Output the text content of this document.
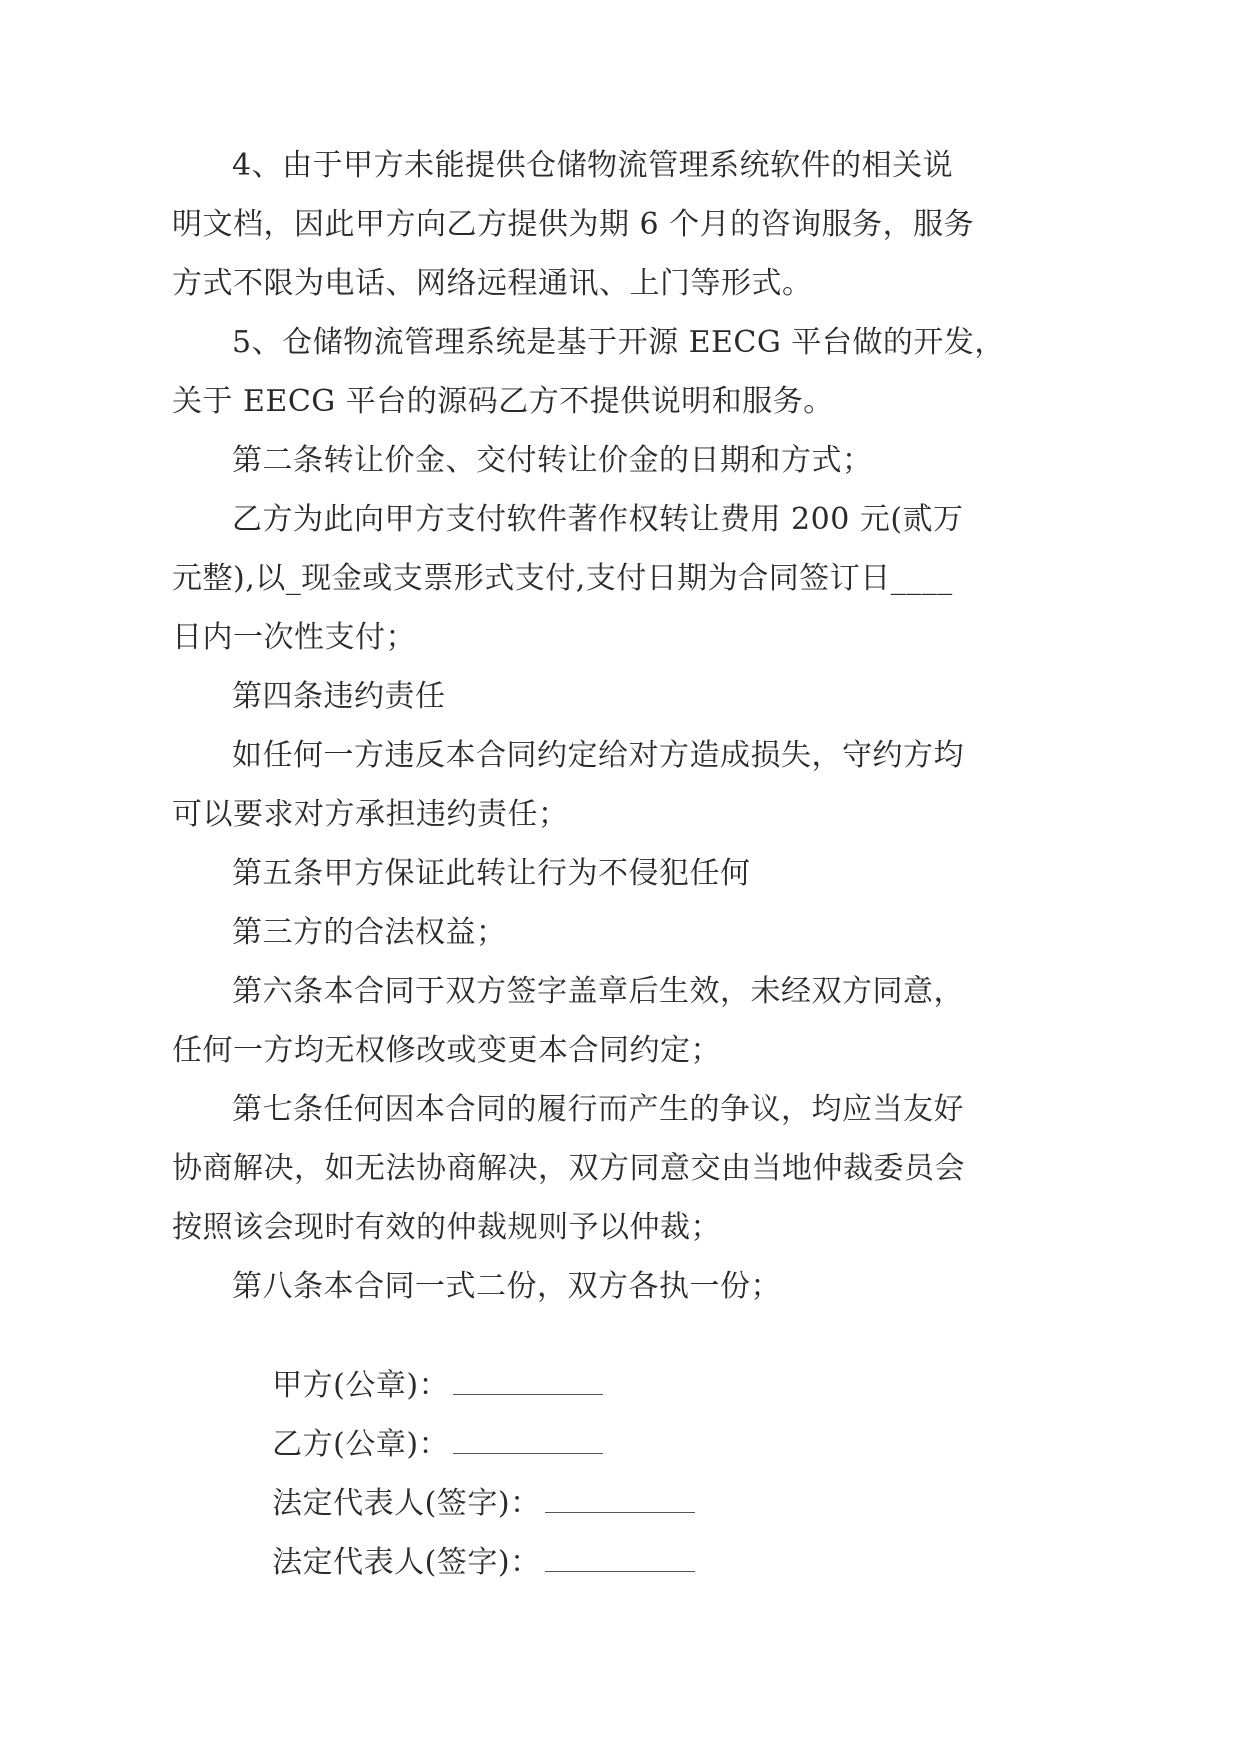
4、由于甲方未能提供仓储物流管理系统软件的相关说
明文档，因此甲方向乙方提供为期 6 个月的咨询服务，服务
方式不限为电话、网络远程通讯、上门等形式。
5、仓储物流管理系统是基于开源 EECG 平台做的开发，
关于 EECG 平台的源码乙方不提供说明和服务。
第二条转让价金、交付转让价金的日期和方式；
乙方为此向甲方支付软件著作权转让费用 200 元(贰万
元整),以_现金或支票形式支付,支付日期为合同签订日____
日内一次性支付；
第四条违约责任
如任何一方违反本合同约定给对方造成损失，守约方均
可以要求对方承担违约责任；
第五条甲方保证此转让行为不侵犯任何
第三方的合法权益；
第六条本合同于双方签字盖章后生效，未经双方同意，
任何一方均无权修改或变更本合同约定；
第七条任何因本合同的履行而产生的争议，均应当友好
协商解决，如无法协商解决，双方同意交由当地仲裁委员会
按照该会现时有效的仲裁规则予以仲裁；
第八条本合同一式二份，双方各执一份；

甲方(公章)：

乙方(公章)：

法定代表人(签字)：

法定代表人(签字)：
